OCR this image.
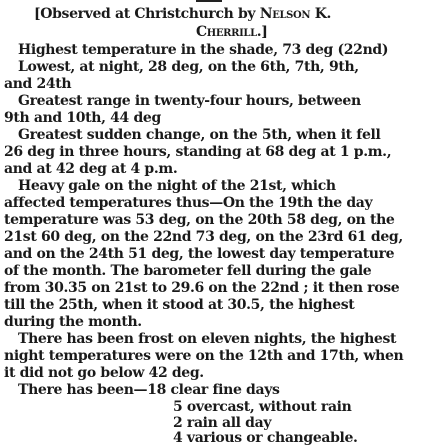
[Observed at Christchurch by Nelson K.
Cherrill.]
Highest temperature in the shade, 73 deg (22nd)
Lowest, at night, 28 deg, on the 6th, 7th, 9th,
and 24th
Greatest range in twenty-four hours, between
9th and 10th, 44 deg
Greatest sudden change, on the 5th, when it fell
26 deg in three hours, standing at 68 deg at 1 p.m.,
and at 42 deg at 4 p.m.
Heavy gale on the night of the 21st, which
affected temperatures thus—On the 19th the day
temperature was 53 deg, on the 20th 58 deg, on the
21st 60 deg, on the 22nd 73 deg, on the 23rd 61 deg,
and on the 24th 51 deg, the lowest day temperature
of the month. The barometer fell during the gale
from 30.35 on 21st to 29.6 on the 22nd ; it then rose
till the 25th, when it stood at 30.5, the highest
during the month.
There has been frost on eleven nights, the highest
night temperatures were on the 12th and 17th, when
it did not go below 42 deg.
There has been—18 clear fine days
5 overcast, without rain
2 rain all day
4 various or changeable.
